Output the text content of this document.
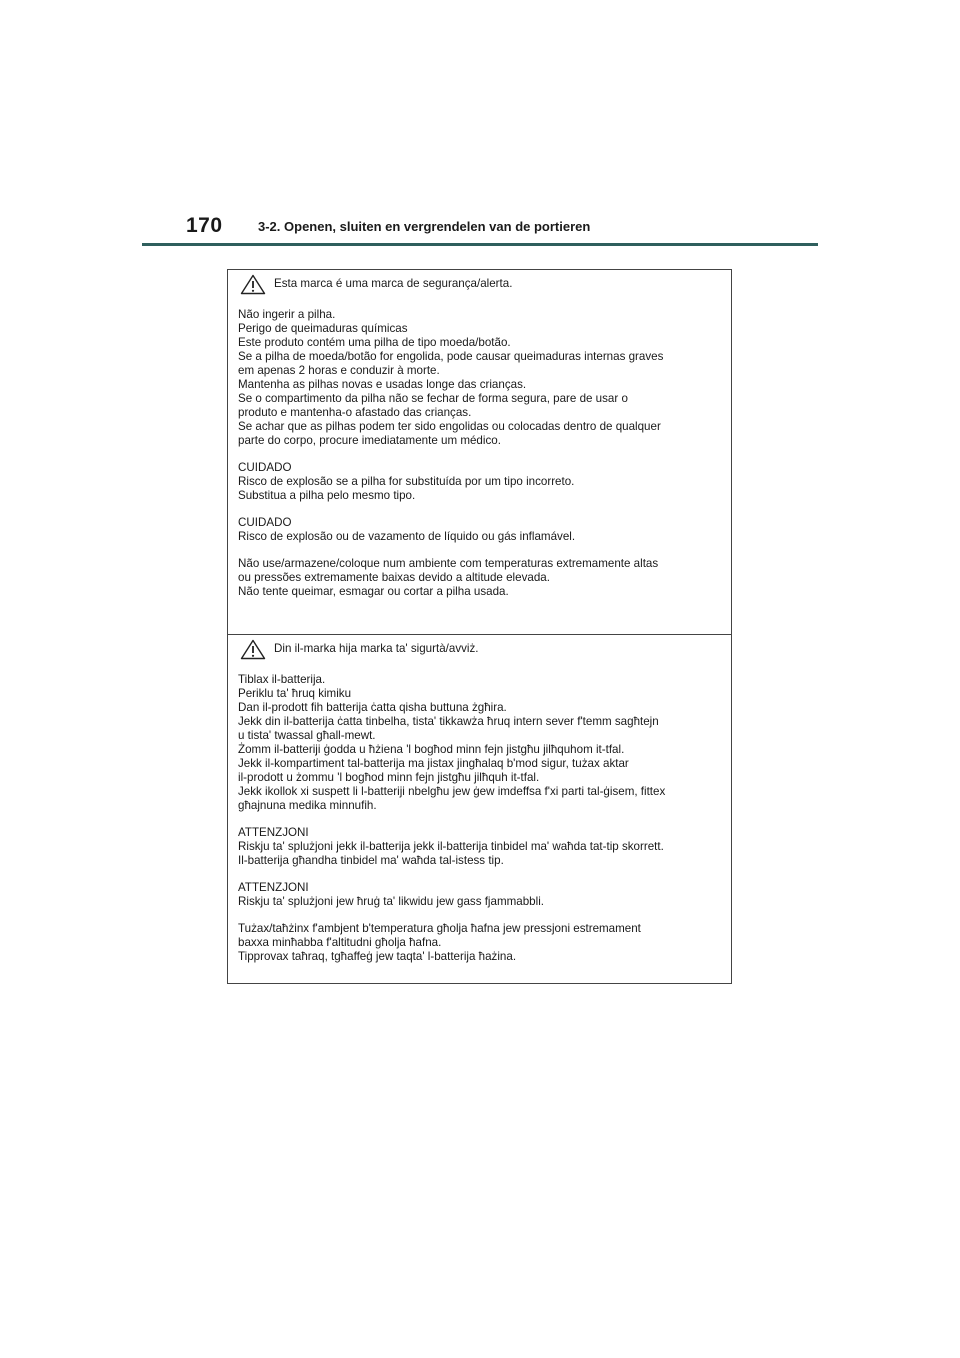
170	3-2. Openen, sluiten en vergrendelen van de portieren
Esta marca é uma marca de segurança/alerta.
Não ingerir a pilha.
Perigo de queimaduras químicas
Este produto contém uma pilha de tipo moeda/botão.
Se a pilha de moeda/botão for engolida, pode causar queimaduras internas graves
em apenas 2 horas e conduzir à morte.
Mantenha as pilhas novas e usadas longe das crianças.
Se o compartimento da pilha não se fechar de forma segura, pare de usar o
produto e mantenha-o afastado das crianças.
Se achar que as pilhas podem ter sido engolidas ou colocadas dentro de qualquer
parte do corpo, procure imediatamente um médico.
CUIDADO
Risco de explosão se a pilha for substituída por um tipo incorreto.
Substitua a pilha pelo mesmo tipo.
CUIDADO
Risco de explosão ou de vazamento de líquido ou gás inflamável.
Não use/armazene/coloque num ambiente com temperaturas extremamente altas
ou pressões extremamente baixas devido a altitude elevada.
Não tente queimar, esmagar ou cortar a pilha usada.
Din il-marka hija marka ta' sigurtà/avviż.
Tiblax il-batterija.
Periklu ta' ħruq kimiku
Dan il-prodott fih batterija ċatta qisha buttuna żgħira.
Jekk din il-batterija ċatta tinbelha, tista' tikkawża ħruq intern sever f'temm sagħtejn
u tista' twassal għall-mewt.
Żomm il-batteriji ġodda u ħżiena 'l bogħod minn fejn jistgħu jilħquhom it-tfal.
Jekk il-kompartiment tal-batterija ma jistax jingħalaq b'mod sigur, tużax aktar
il-prodott u żommu 'l bogħod minn fejn jistgħu jilħquh it-tfal.
Jekk ikollok xi suspett li l-batteriji nbelgħu jew ġew imdeffsa f'xi parti tal-ġisem, fittex
għajnuna medika minnufih.
ATTENZJONI
Riskju ta' splużjoni jekk il-batterija jekk il-batterija tinbidel ma' waħda tat-tip skorrett.
Il-batterija għandha tinbidel ma' waħda tal-istess tip.
ATTENZJONI
Riskju ta' splużjoni jew ħruġ ta' likwidu jew gass fjammabbli.
Tużax/taħżinx f'ambjent b'temperatura għolja ħafna jew pressjoni estremament
baxxa minħabba f'altitudni għolja ħafna.
Tipprovax taħraq, tgħaffeġ jew taqta' l-batterija ħażina.
